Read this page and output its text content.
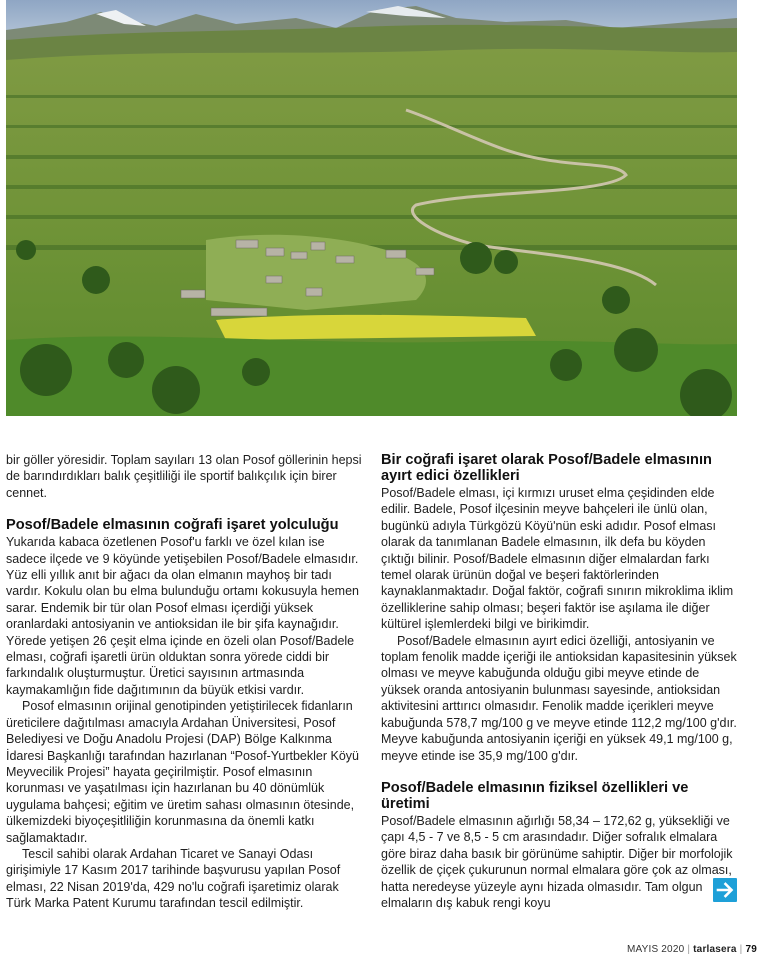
bir göller yöresidir. Toplam sayıları 13 olan Posof göllerinin hepsi de barındırdıkları balık çeşitliliği ile sportif balıkçılık için birer cennet.

Posof/Badele elmasının coğrafi işaret yolculuğu

Yukarıda kabaca özetlenen Posof'u farklı ve özel kılan ise sadece ilçede ve 9 köyünde yetişebilen Posof/Badele elmasıdır. Yüz elli yıllık anıt bir ağacı da olan elmanın mayhoş bir tadı vardır. Kokulu olan bu elma bulunduğu ortamı kokusuyla hemen sarar. Endemik bir tür olan Posof elması içerdiği yüksek oranlardaki antosiyanin ve antioksidan ile bir şifa kaynağıdır. Yörede yetişen 26 çeşit elma içinde en özeli olan Posof/Badele elması, coğrafi işaretli ürün olduktan sonra yörede ciddi bir farkındalık oluşturmuştur. Üretici sayısının artmasında kaymakamlığın fide dağıtımının da büyük etkisi vardır.

Posof elmasının orijinal genotipinden yetiştirilecek fidanların üreticilere dağıtılması amacıyla Ardahan Üniversitesi, Posof Belediyesi ve Doğu Anadolu Projesi (DAP) Bölge Kalkınma İdaresi Başkanlığı tarafından hazırlanan “Posof-Yurtbekler Köyü Meyvecilik Projesi” hayata geçirilmiştir. Posof elmasının korunması ve yaşatılması için hazırlanan bu 40 dönümlük uygulama bahçesi; eğitim ve üretim sahası olmasının ötesinde, ülkemizdeki biyoçeşitliliğin korunmasına da önemli katkı sağlamaktadır.

Tescil sahibi olarak Ardahan Ticaret ve Sanayi Odası girişimiyle 17 Kasım 2017 tarihinde başvurusu yapılan Posof elması, 22 Nisan 2019'da, 429 no'lu coğrafi işaretimiz olarak Türk Marka Patent Kurumu tarafından tescil edilmiştir.

Bir coğrafi işaret olarak Posof/Badele elmasının ayırt edici özellikleri

Posof/Badele elması, içi kırmızı uruset elma çeşidinden elde edilir. Badele, Posof ilçesinin meyve bahçeleri ile ünlü olan, bugünkü adıyla Türkgözü Köyü'nün eski adıdır. Posof elması olarak da tanımlanan Badele elmasının, ilk defa bu köyden çıktığı bilinir. Posof/Badele elmasının diğer elmalardan farkı temel olarak ürünün doğal ve beşeri faktörlerinden kaynaklanmaktadır. Doğal faktör, coğrafi sınırın mikroklima iklim özelliklerine sahip olması; beşeri faktör ise aşılama ile diğer kültürel işlemlerdeki bilgi ve birikimdir.

Posof/Badele elmasının ayırt edici özelliği, antosiyanin ve toplam fenolik madde içeriği ile antioksidan kapasitesinin yüksek olması ve meyve kabuğunda olduğu gibi meyve etinde de yüksek oranda antosiyanin bulunması sayesinde, antioksidan aktivitesini arttırıcı olmasıdır. Fenolik madde içerikleri meyve kabuğunda 578,7 mg/100 g ve meyve etinde 112,2 mg/100 g'dır. Meyve kabuğunda antosiyanin içeriği en yüksek 49,1 mg/100 g, meyve etinde ise 35,9 mg/100 g'dır.

Posof/Badele elmasının fiziksel özellikleri ve üretimi

Posof/Badele elmasının ağırlığı 58,34 – 172,62 g, yüksekliği ve çapı 4,5 - 7 ve 8,5 - 5 cm arasındadır. Diğer sofralık elmalara göre biraz daha basık bir görünüme sahiptir. Diğer bir morfolojik özellik de çiçek çukurunun normal elmalara göre çok az olması, hatta neredeyse yüzeyle aynı hizada olmasıdır. Tam olgun elmaların dış kabuk rengi koyu

MAYIS 2020 | tarlasera | 79
